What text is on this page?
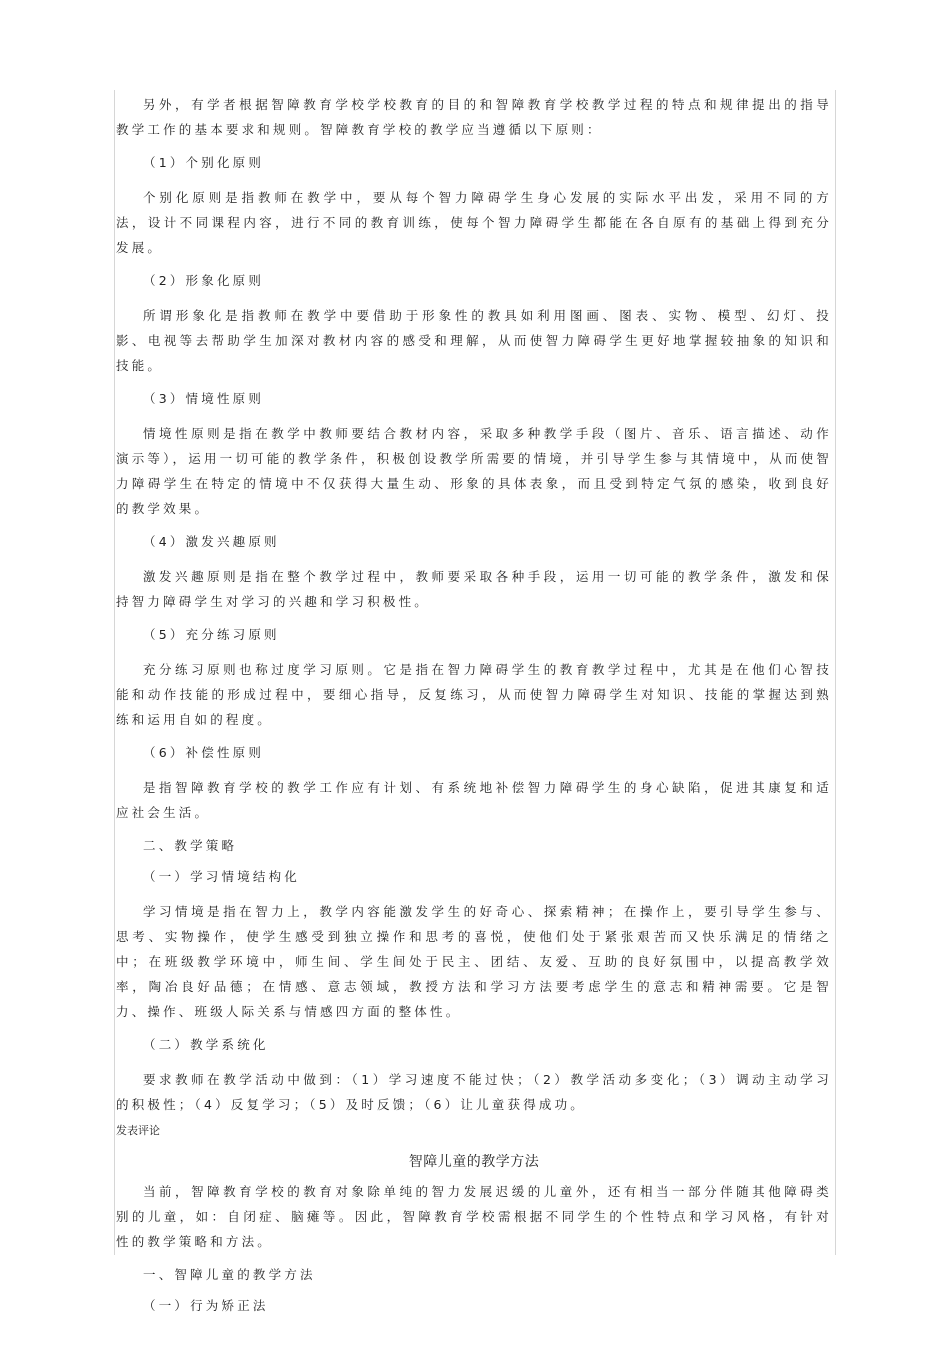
另外，有学者根据智障教育学校学校教育的目的和智障教育学校教学过程的特点和规律提出的指导教学工作的基本要求和规则。智障教育学校的教学应当遵循以下原则：

（1）个别化原则

个别化原则是指教师在教学中，要从每个智力障碍学生身心发展的实际水平出发，采用不同的方法，设计不同课程内容，进行不同的教育训练，使每个智力障碍学生都能在各自原有的基础上得到充分发展。

（2）形象化原则

所谓形象化是指教师在教学中要借助于形象性的教具如利用图画、图表、实物、模型、幻灯、投影、电视等去帮助学生加深对教材内容的感受和理解，从而使智力障碍学生更好地掌握较抽象的知识和技能。

（3）情境性原则

情境性原则是指在教学中教师要结合教材内容，采取多种教学手段（图片、音乐、语言描述、动作演示等），运用一切可能的教学条件，积极创设教学所需要的情境，并引导学生参与其情境中，从而使智力障碍学生在特定的情境中不仅获得大量生动、形象的具体表象，而且受到特定气氛的感染，收到良好的教学效果。

（4）激发兴趣原则

激发兴趣原则是指在整个教学过程中，教师要采取各种手段，运用一切可能的教学条件，激发和保持智力障碍学生对学习的兴趣和学习积极性。

（5）充分练习原则

充分练习原则也称过度学习原则。它是指在智力障碍学生的教育教学过程中，尤其是在他们心智技能和动作技能的形成过程中，要细心指导，反复练习，从而使智力障碍学生对知识、技能的掌握达到熟练和运用自如的程度。

（6）补偿性原则

是指智障教育学校的教学工作应有计划、有系统地补偿智力障碍学生的身心缺陷，促进其康复和适应社会生活。

二、教学策略

（一）学习情境结构化

学习情境是指在智力上，教学内容能激发学生的好奇心、探索精神；在操作上，要引导学生参与、思考、实物操作，使学生感受到独立操作和思考的喜悦，使他们处于紧张艰苦而又快乐满足的情绪之中；在班级教学环境中，师生间、学生间处于民主、团结、友爱、互助的良好氛围中，以提高教学效率，陶冶良好品德；在情感、意志领域，教授方法和学习方法要考虑学生的意志和精神需要。它是智力、操作、班级人际关系与情感四方面的整体性。

（二）教学系统化

要求教师在教学活动中做到：（1）学习速度不能过快；（2）教学活动多变化；（3）调动主动学习的积极性；（4）反复学习；（5）及时反馈；（6）让儿童获得成功。

发表评论

智障儿童的教学方法

当前，智障教育学校的教育对象除单纯的智力发展迟缓的儿童外，还有相当一部分伴随其他障碍类别的儿童，如：自闭症、脑瘫等。因此，智障教育学校需根据不同学生的个性特点和学习风格，有针对性的教学策略和方法。

一、智障儿童的教学方法

（一）行为矫正法
